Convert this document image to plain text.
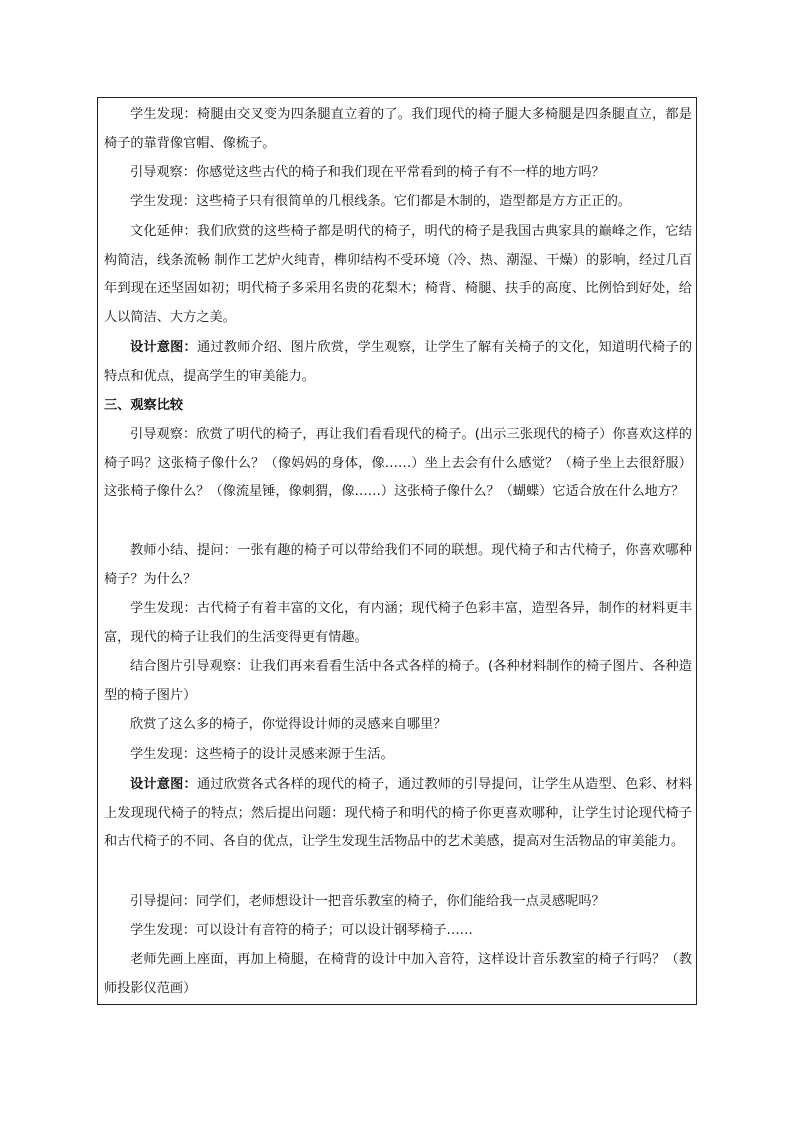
学生发现：椅腿由交叉变为四条腿直立着的了。我们现代的椅子腿大多椅腿是四条腿直立，都是椅子的靠背像官帽、像梳子。
引导观察：你感觉这些古代的椅子和我们现在平常看到的椅子有不一样的地方吗？
学生发现：这些椅子只有很简单的几根线条。它们都是木制的，造型都是方方正正的。
文化延伸：我们欣赏的这些椅子都是明代的椅子，明代的椅子是我国古典家具的巅峰之作，它结构简洁，线条流畅 制作工艺炉火纯青，榫卯结构不受环境（冷、热、潮湿、干燥）的影响，经过几百年到现在还坚固如初；明代椅子多采用名贵的花梨木；椅背、椅腿、扶手的高度、比例恰到好处，给人以简洁、大方之美。
设计意图：通过教师介绍、图片欣赏，学生观察，让学生了解有关椅子的文化，知道明代椅子的特点和优点，提高学生的审美能力。
三、观察比较
引导观察：欣赏了明代的椅子，再让我们看看现代的椅子。(出示三张现代的椅子）你喜欢这样的椅子吗？这张椅子像什么？（像妈妈的身体，像……）坐上去会有什么感觉？（椅子坐上去很舒服）这张椅子像什么？（像流星锤，像刺猬，像……）这张椅子像什么？（蝴蝶）它适合放在什么地方？
教师小结、提问：一张有趣的椅子可以带给我们不同的联想。现代椅子和古代椅子，你喜欢哪种椅子？为什么？
学生发现：古代椅子有着丰富的文化，有内涵；现代椅子色彩丰富，造型各异，制作的材料更丰富，现代的椅子让我们的生活变得更有情趣。
结合图片引导观察：让我们再来看看生活中各式各样的椅子。(各种材料制作的椅子图片、各种造型的椅子图片）
欣赏了这么多的椅子，你觉得设计师的灵感来自哪里？
学生发现：这些椅子的设计灵感来源于生活。
设计意图：通过欣赏各式各样的现代的椅子，通过教师的引导提问，让学生从造型、色彩、材料上发现现代椅子的特点；然后提出问题：现代椅子和明代的椅子你更喜欢哪种，让学生讨论现代椅子和古代椅子的不同、各自的优点，让学生发现生活物品中的艺术美感，提高对生活物品的审美能力。
引导提问：同学们，老师想设计一把音乐教室的椅子，你们能给我一点灵感呢吗？
学生发现：可以设计有音符的椅子；可以设计钢琴椅子……
老师先画上座面，再加上椅腿，在椅背的设计中加入音符，这样设计音乐教室的椅子行吗？（教师投影仪范画）
